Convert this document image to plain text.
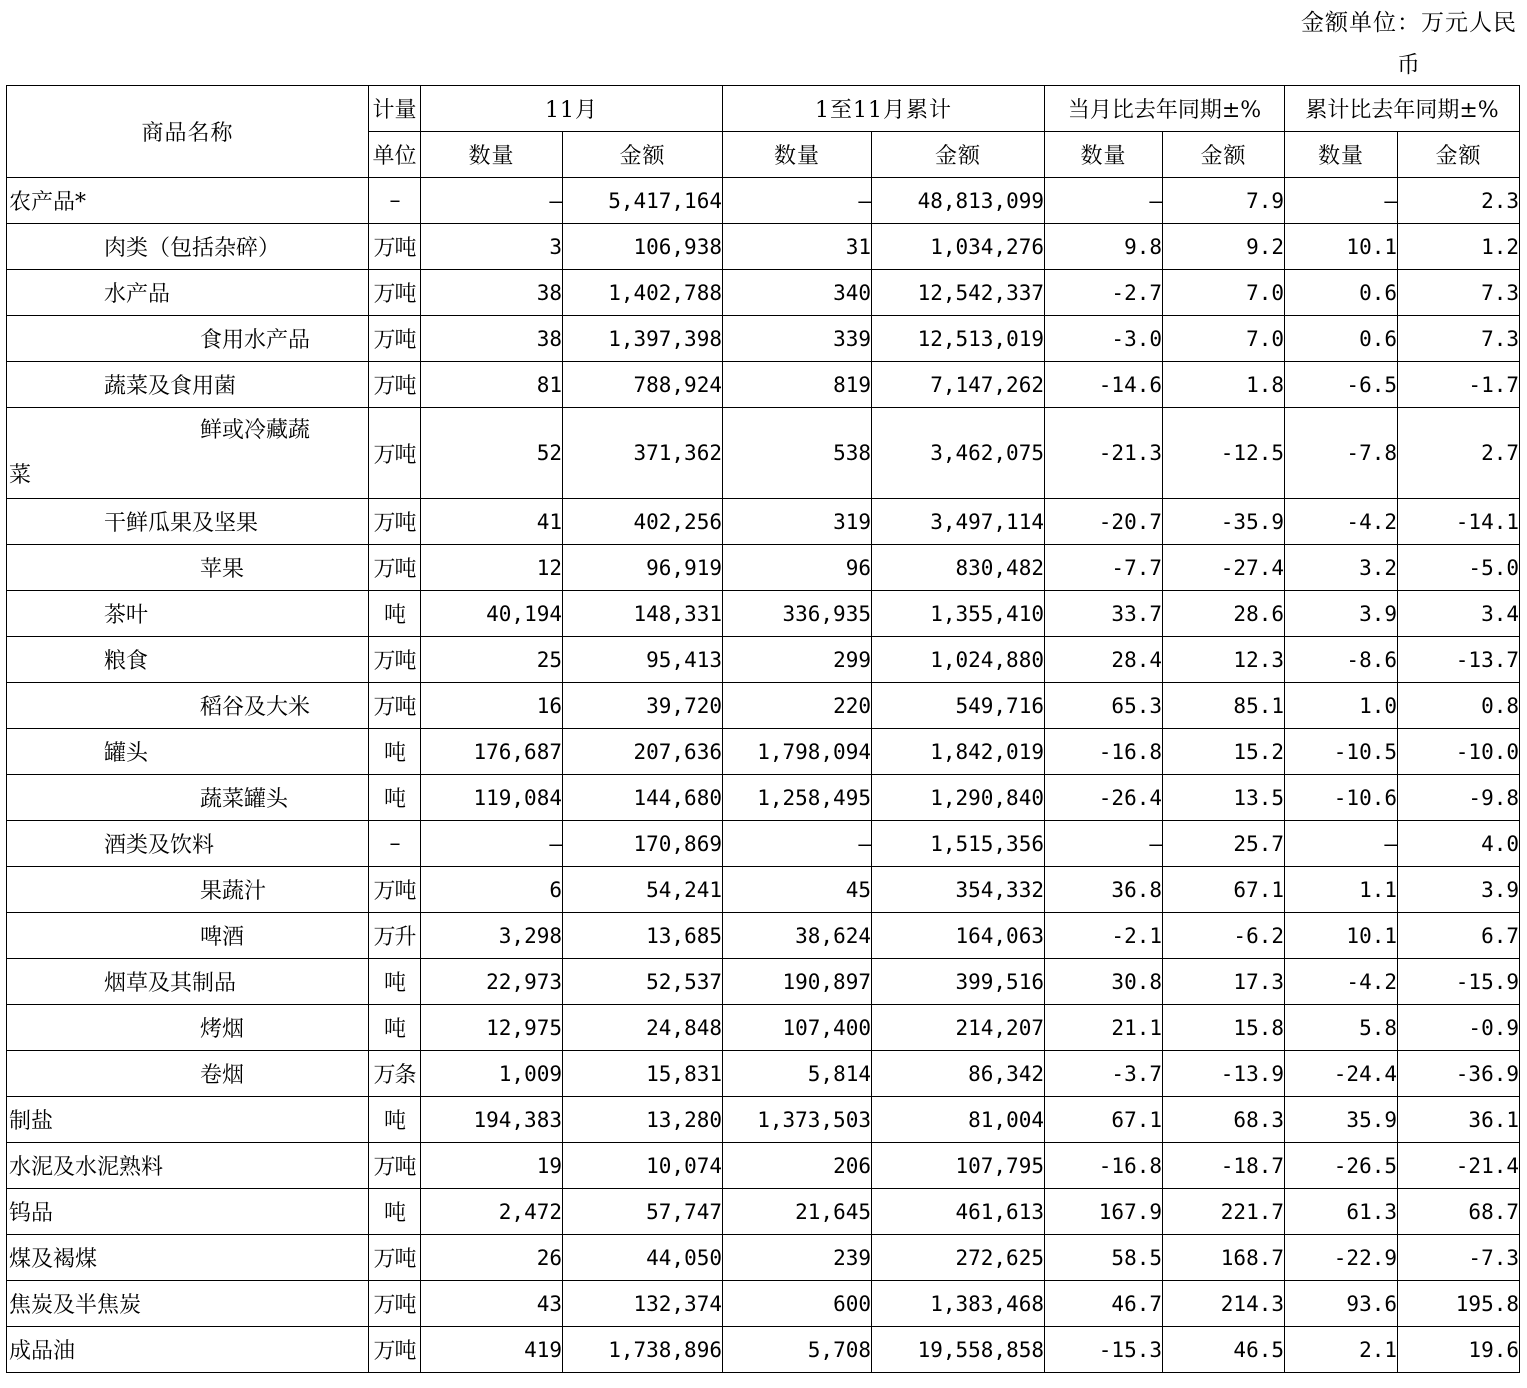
金额单位：万元人民
币
商品名称	计量	11月		1至11月累计		当月比去年同期±%		累计比去年同期±%	
	单位	数量	金额	数量	金额	数量	金额	数量	金额
农产品*	–	–	5,417,164	–	48,813,099	–	7.9	–	2.3
肉类（包括杂碎）	万吨	3	106,938	31	1,034,276	9.8	9.2	10.1	1.2
水产品	万吨	38	1,402,788	340	12,542,337	-2.7	7.0	0.6	7.3
食用水产品	万吨	38	1,397,398	339	12,513,019	-3.0	7.0	0.6	7.3
蔬菜及食用菌	万吨	81	788,924	819	7,147,262	-14.6	1.8	-6.5	-1.7
鲜或冷藏蔬
菜	万吨	52	371,362	538	3,462,075	-21.3	-12.5	-7.8	2.7
干鲜瓜果及坚果	万吨	41	402,256	319	3,497,114	-20.7	-35.9	-4.2	-14.1
苹果	万吨	12	96,919	96	830,482	-7.7	-27.4	3.2	-5.0
茶叶	吨	40,194	148,331	336,935	1,355,410	33.7	28.6	3.9	3.4
粮食	万吨	25	95,413	299	1,024,880	28.4	12.3	-8.6	-13.7
稻谷及大米	万吨	16	39,720	220	549,716	65.3	85.1	1.0	0.8
罐头	吨	176,687	207,636	1,798,094	1,842,019	-16.8	15.2	-10.5	-10.0
蔬菜罐头	吨	119,084	144,680	1,258,495	1,290,840	-26.4	13.5	-10.6	-9.8
酒类及饮料	–	–	170,869	–	1,515,356	–	25.7	–	4.0
果蔬汁	万吨	6	54,241	45	354,332	36.8	67.1	1.1	3.9
啤酒	万升	3,298	13,685	38,624	164,063	-2.1	-6.2	10.1	6.7
烟草及其制品	吨	22,973	52,537	190,897	399,516	30.8	17.3	-4.2	-15.9
烤烟	吨	12,975	24,848	107,400	214,207	21.1	15.8	5.8	-0.9
卷烟	万条	1,009	15,831	5,814	86,342	-3.7	-13.9	-24.4	-36.9
制盐	吨	194,383	13,280	1,373,503	81,004	67.1	68.3	35.9	36.1
水泥及水泥熟料	万吨	19	10,074	206	107,795	-16.8	-18.7	-26.5	-21.4
钨品	吨	2,472	57,747	21,645	461,613	167.9	221.7	61.3	68.7
煤及褐煤	万吨	26	44,050	239	272,625	58.5	168.7	-22.9	-7.3
焦炭及半焦炭	万吨	43	132,374	600	1,383,468	46.7	214.3	93.6	195.8
成品油	万吨	419	1,738,896	5,708	19,558,858	-15.3	46.5	2.1	19.6
